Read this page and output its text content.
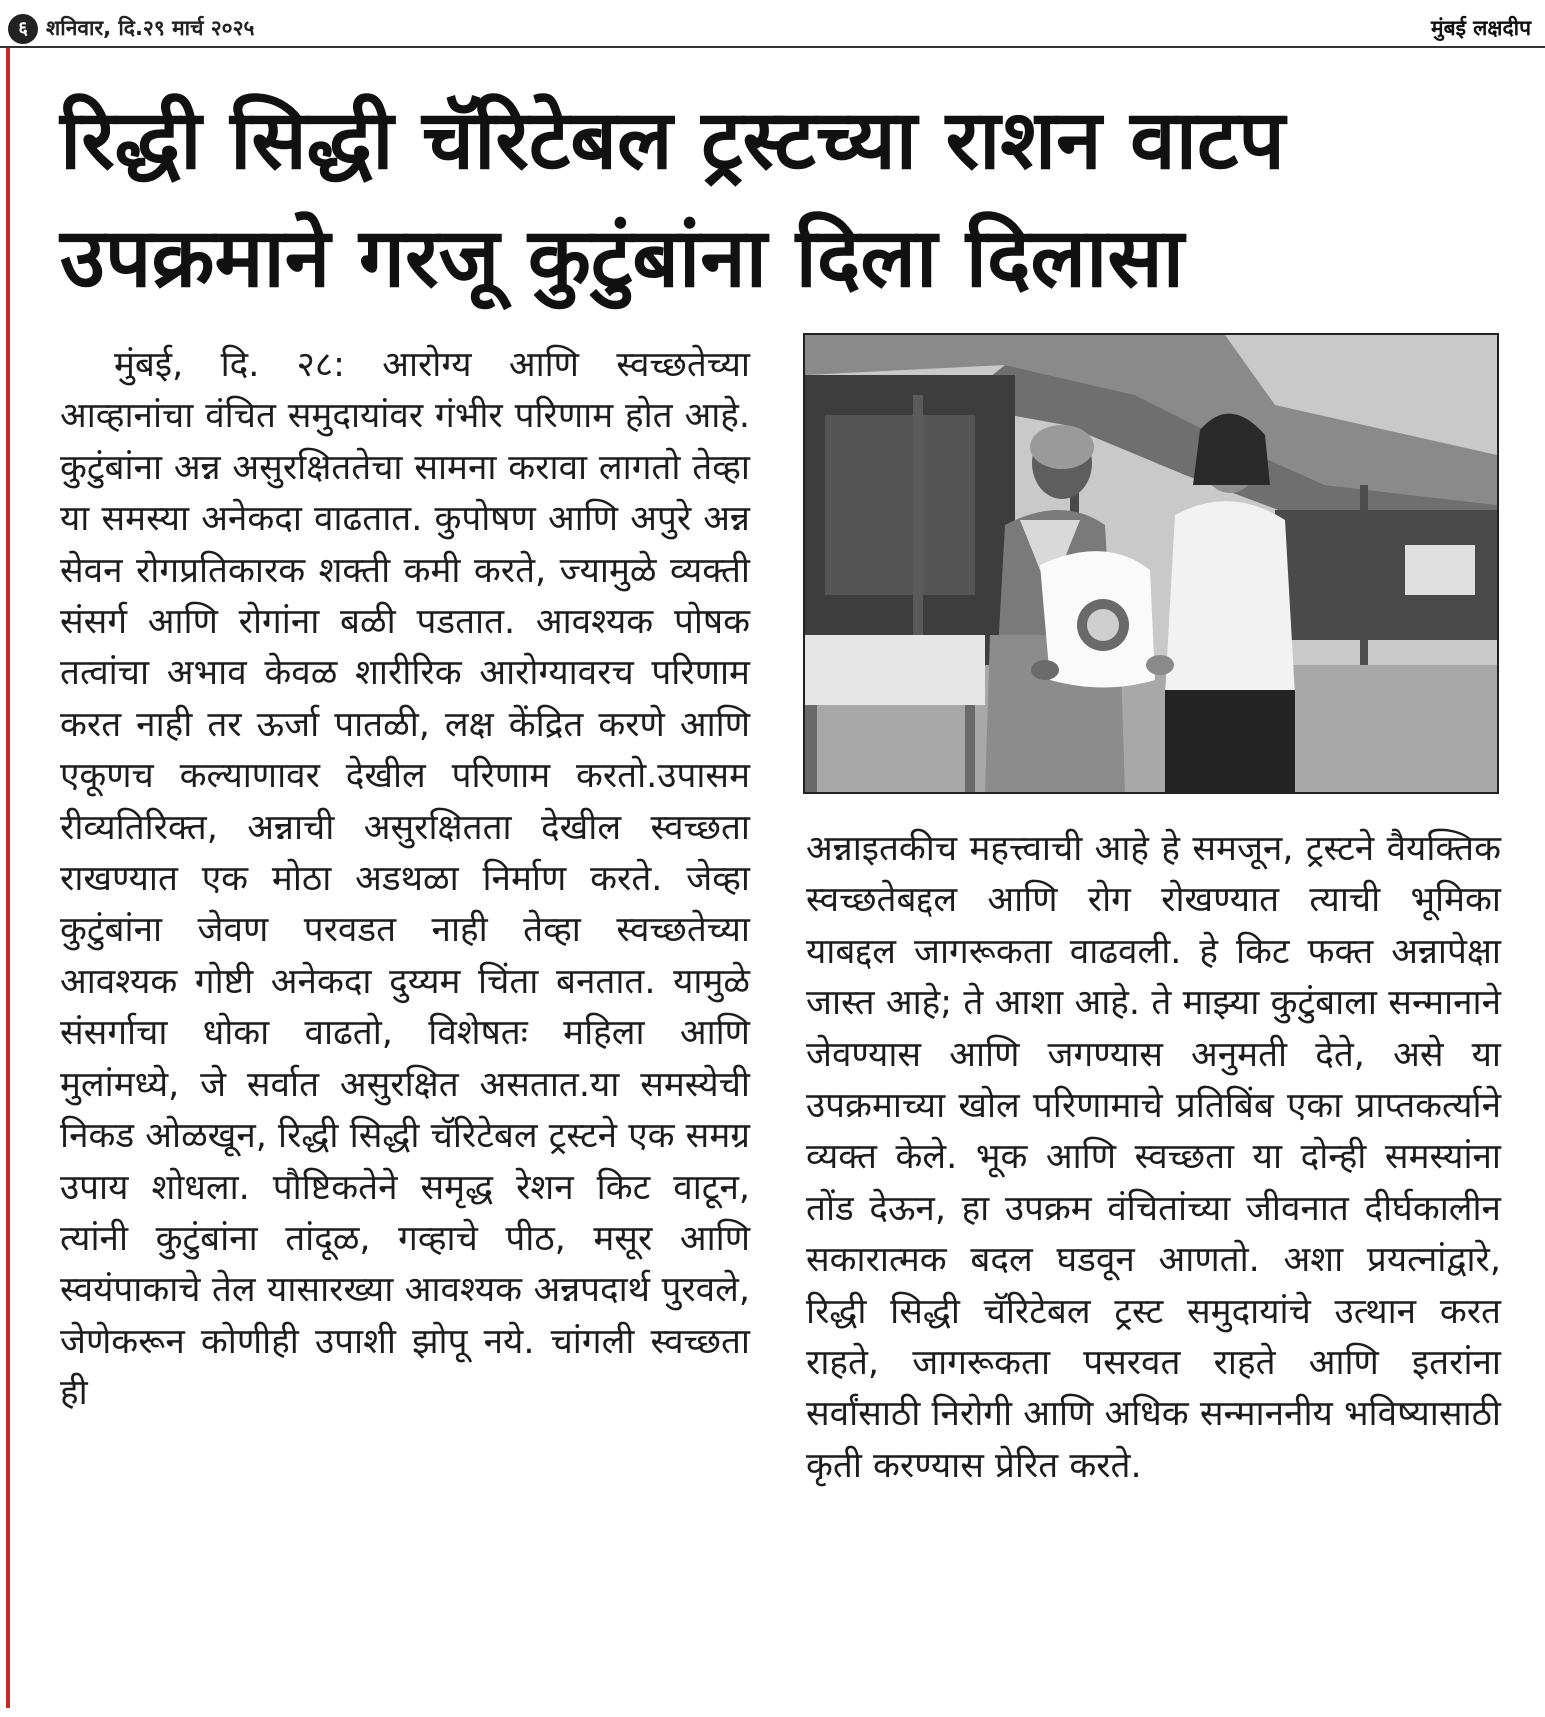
६ शनिवार, दि.२९ मार्च २०२५	मुंबई लक्षदीप
रिद्धी सिद्धी चॅरिटेबल ट्रस्टच्या राशन वाटप
उपक्रमाने गरजू कुटुंबांना दिला दिलासा
मुंबई, दि. २८: आरोग्य आणि स्वच्छतेच्या आव्हानांचा वंचित समुदायांवर गंभीर परिणाम होत आहे. कुटुंबांना अन्न असुरक्षिततेचा सामना करावा लागतो तेव्हा या समस्या अनेकदा वाढतात. कुपोषण आणि अपुरे अन्न सेवन रोगप्रतिकारक शक्ती कमी करते, ज्यामुळे व्यक्ती संसर्ग आणि रोगांना बळी पडतात. आवश्यक पोषक तत्वांचा अभाव केवळ शारीरिक आरोग्यावरच परिणाम करत नाही तर ऊर्जा पातळी, लक्ष केंद्रित करणे आणि एकूणच कल्याणावर देखील परिणाम करतो.उपासम रीव्यतिरिक्त, अन्नाची असुरक्षितता देखील स्वच्छता राखण्यात एक मोठा अडथळा निर्माण करते. जेव्हा कुटुंबांना जेवण परवडत नाही तेव्हा स्वच्छतेच्या आवश्यक गोष्टी अनेकदा दुय्यम चिंता बनतात. यामुळे संसर्गाचा धोका वाढतो, विशेषतः महिला आणि मुलांमध्ये, जे सर्वात असुरक्षित असतात.या समस्येची निकड ओळखून, रिद्धी सिद्धी चॅरिटेबल ट्रस्टने एक समग्र उपाय शोधला. पौष्टिकतेने समृद्ध रेशन किट वाटून, त्यांनी कुटुंबांना तांदूळ, गव्हाचे पीठ, मसूर आणि स्वयंपाकाचे तेल यासारख्या आवश्यक अन्नपदार्थ पुरवले, जेणेकरून कोणीही उपाशी झोपू नये. चांगली स्वच्छता ही
अन्नाइतकीच महत्त्वाची आहे हे समजून, ट्रस्टने वैयक्तिक स्वच्छतेबद्दल आणि रोग रोखण्यात त्याची भूमिका याबद्दल जागरूकता वाढवली. हे किट फक्त अन्नापेक्षा जास्त आहे; ते आशा आहे. ते माझ्या कुटुंबाला सन्मानाने जेवण्यास आणि जगण्यास अनुमती देते, असे या उपक्रमाच्या खोल परिणामाचे प्रतिबिंब एका प्राप्तकर्त्याने व्यक्त केले. भूक आणि स्वच्छता या दोन्ही समस्यांना तोंड देऊन, हा उपक्रम वंचितांच्या जीवनात दीर्घकालीन सकारात्मक बदल घडवून आणतो. अशा प्रयत्नांद्वारे, रिद्धी सिद्धी चॅरिटेबल ट्रस्ट समुदायांचे उत्थान करत राहते, जागरूकता पसरवत राहते आणि इतरांना सर्वांसाठी निरोगी आणि अधिक सन्माननीय भविष्यासाठी कृती करण्यास प्रेरित करते.
